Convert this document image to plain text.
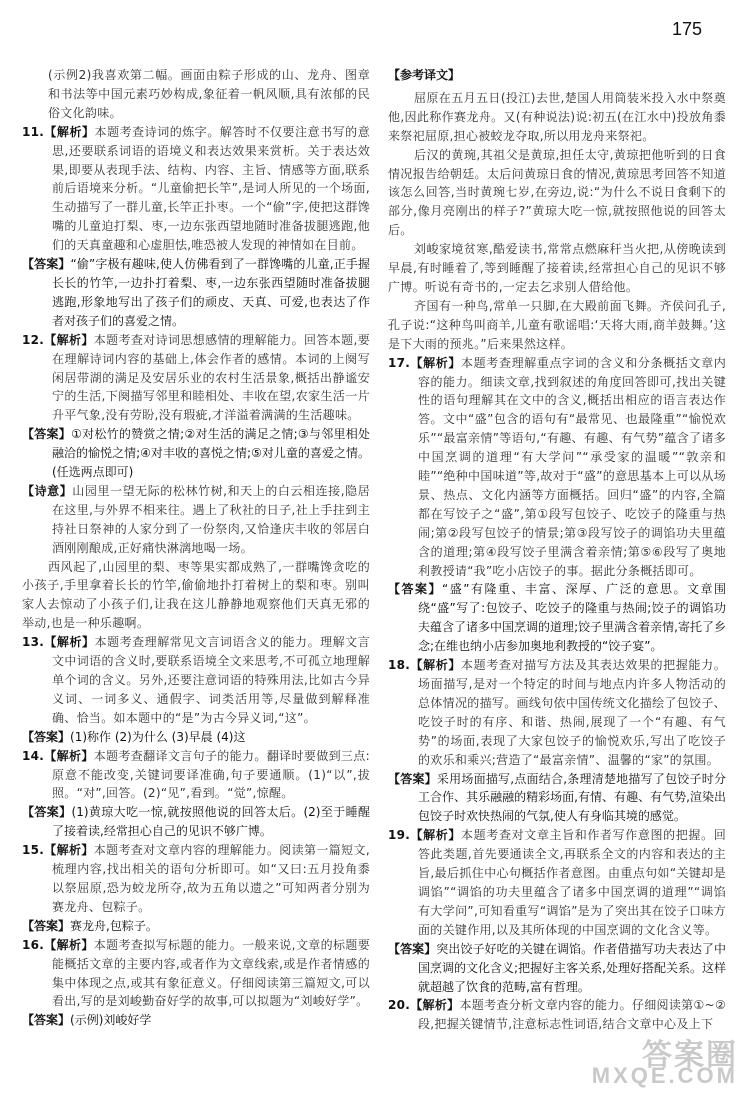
175
(示例2)我喜欢第二幅。画面由粽子形成的山、龙舟、图章和书法等中国元素巧妙构成,象征着一帆风顺,具有浓郁的民俗文化韵味。
11.【解析】本题考查诗词的炼字。解答时不仅要注意书写的意思,还要联系词语的语境义和表达效果来赏析。关于表达效果,即要从表现手法、结构、内容、主旨、情感等方面,联系前后语境来分析。“儿童偷把长竿”,是词人所见的一个场面,生动描写了一群儿童,长竿正扑枣。一个“偷”字,使把这群馋嘴的儿童迫打梨、枣,一边东张西望地随时准备拔腿逃跑,他们的天真童趣和心虚胆怯,唯恐被人发现的神情如在目前。
【答案】“偷”字极有趣味,使人仿佛看到了一群馋嘴的儿童,正手握长长的竹竿,一边扑打着梨、枣,一边东张西望随时准备拔腿逃跑,形象地写出了孩子们的顽皮、天真、可爱,也表达了作者对孩子们的喜爱之情。
12.【解析】本题考查对诗词思想感情的理解能力。回答本题,要在理解诗词内容的基础上,体会作者的感情。本词的上阕写闲居带湖的满足及安居乐业的农村生活景象,概括出静谧安宁的生活,下阕描写邻里和睦相处、丰收在望,农家生活一片升平气象,没有劳盼,没有瑕疵,才洋溢着满满的生活趣味。
【答案】①对松竹的赞赏之情;②对生活的满足之情;③与邻里相处融洽的愉悦之情;④对丰收的喜悦之情;⑤对儿童的喜爱之情。(任选两点即可)
【诗意】山园里一望无际的松林竹树,和天上的白云相连接,隐居在这里,与外界不相来往。遇上了秋社的日子,社上手拄到主持社日祭神的人家分到了一份祭肉,又恰逢庆丰收的邻居白酒刚刚酿成,正好痛快淋漓地喝一场。
西风起了,山园里的梨、枣等果实都成熟了,一群嘴馋贪吃的小孩子,手里拿着长长的竹竿,偷偷地扑打着树上的梨和枣。别叫家人去惊动了小孩子们,让我在这儿静静地观察他们天真无邪的举动,也是一种乐趣啊。
13.【解析】本题考查理解常见文言词语含义的能力。理解文言文中词语的含义时,要联系语境全文来思考,不可孤立地理解单个词的含义。另外,还要注意词语的特殊用法,比如古今异义词、一词多义、通假字、词类活用等,尽量做到解释准确、恰当。如本题中的“是”为古今异义词,“这”。
【答案】(1)称作 (2)为什么 (3)早晨 (4)这
14.【解析】本题考查翻译文言句子的能力。翻译时要做到三点:原意不能改变,关键词要译准确,句子要通顺。(1)“以”,拔照。“对”,回答。(2)“见”,看到。“觉”,惊醒。
【答案】(1)黄琼大吃一惊,就按照他说的回答太后。(2)至于睡醒了接着读,经常担心自己的见识不够广博。
15.【解析】本题考查对文章内容的理解能力。阅读第一篇短文,梳理内容,找出相关的语句分析即可。如“又曰:五月投角黍以祭屈原,恐为蛟龙所夺,故为五角以遗之”可知两者分别为赛龙舟、包粽子。
【答案】赛龙舟,包粽子。
16.【解析】本题考查拟写标题的能力。一般来说,文章的标题要能概括文章的主要内容,或者作为文章线索,或是作者情感的集中体现之点,或其有象征意义。仔细阅读第三篇短文,可以看出,写的是刘峻勤奋好学的故事,可以拟题为“刘峻好学”。
【答案】(示例)刘峻好学
【参考译文】
屈原在五月五日(投江)去世,楚国人用筒装米投入水中祭奠他,因此称作赛龙舟。又(有种说法)说:初五(在江水中)投放角黍来祭祀屈原,担心被蛟龙夺取,所以用龙舟来祭祀。
后汉的黄琬,其祖父是黄琼,担任太守,黄琼把他听到的日食情况报告给朝廷。太后问黄琼日食的情况,黄琼思考回答不知道该怎么回答,当时黄琬七岁,在旁边,说:“为什么不说日食剩下的部分,像月亮刚出的样子?”黄琼大吃一惊,就按照他说的回答太后。
刘峻家境贫寒,酷爱读书,常常点燃麻秆当火把,从傍晚读到早晨,有时睡着了,等到睡醒了接着读,经常担心自己的见识不够广博。听说有奇书的,一定去乞求别人借给他。
齐国有一种鸟,常单一只脚,在大殿前面飞舞。齐侯问孔子,孔子说:“这种鸟叫商羊,儿童有歌谣唱:‘天将大雨,商羊鼓舞。’这是下大雨的预兆。”后来果然这样。
17.【解析】本题考查理解重点字词的含义和分条概括文章内容的能力。细读文章,找到叙述的角度回答即可,找出关键性的语句理解其在文中的含义,概括出相应的语言表达作答。文中“盛”包含的语句有“最常见、也最隆重”“愉悦欢乐”“最富亲情”等语句,“有趣、有趣、有气势”蕴含了诸多中国烹调的道理“有大学问”“承受家的温暖”“敦亲和睦”“绝种中国味道”等,故对于“盛”的意思基本上可以从场景、热点、文化内涵等方面概括。回归“盛”的内容,全篇都在写饺子之“盛”,第①段写包饺子、吃饺子的隆重与热闹;第②段写包饺子的情景;第③段写饺子的调馅功夫里蕴含的道理;第④段写饺子里满含着亲情;第⑤⑥段写了奥地利教授请“我”吃小店饺子的事。据此分条概括即可。
【答案】“盛”有隆重、丰富、深厚、广泛的意思。文章围绕“盛”写了:包饺子、吃饺子的隆重与热闹;饺子的调馅功夫蕴含了诸多中国烹调的道理;饺子里满含着亲情,寄托了乡念;在维也纳小店参加奥地利教授的“饺子宴”。
18.【解析】本题考查对描写方法及其表达效果的把握能力。场面描写,是对一个特定的时间与地点内许多人物活动的总体情况的描写。画线句依中国传统文化描绘了包饺子、吃饺子时的有序、和谐、热闹,展现了一个“有趣、有气势”的场面,表现了大家包饺子的愉悦欢乐,写出了吃饺子的欢乐和乘兴;营造了“最富亲情”、温馨的“家”的氛围。
【答案】采用场面描写,点面结合,条理清楚地描写了包饺子时分工合作、其乐融融的精彩场面,有情、有趣、有气势,渲染出包饺子时欢快热闹的气氛,使人有身临其境的感觉。
19.【解析】本题考查对文章主旨和作者写作意图的把握。回答此类题,首先要通读全文,再联系全文的内容和表达的主旨,最后抓住中心句概括作者意图。由重点句如“关键却是调馅”“调馅的功夫里蕴含了诸多中国烹调的道理”“调馅有大学问”,可知看重写“调馅”是为了突出其在饺子口味方面的关键作用,以及其所体现的中国烹调的文化含义等。
【答案】突出饺子好吃的关键在调馅。作者借描写功夫表达了中国烹调的文化含义;把握好主客关系,处理好搭配关系。这样就超越了饮食的范畴,富有哲理。
20.【解析】本题考查分析文章内容的能力。仔细阅读第①~②段,把握关键情节,注意标志性词语,结合文章中心及上下
答案圈
MXQE.COM
